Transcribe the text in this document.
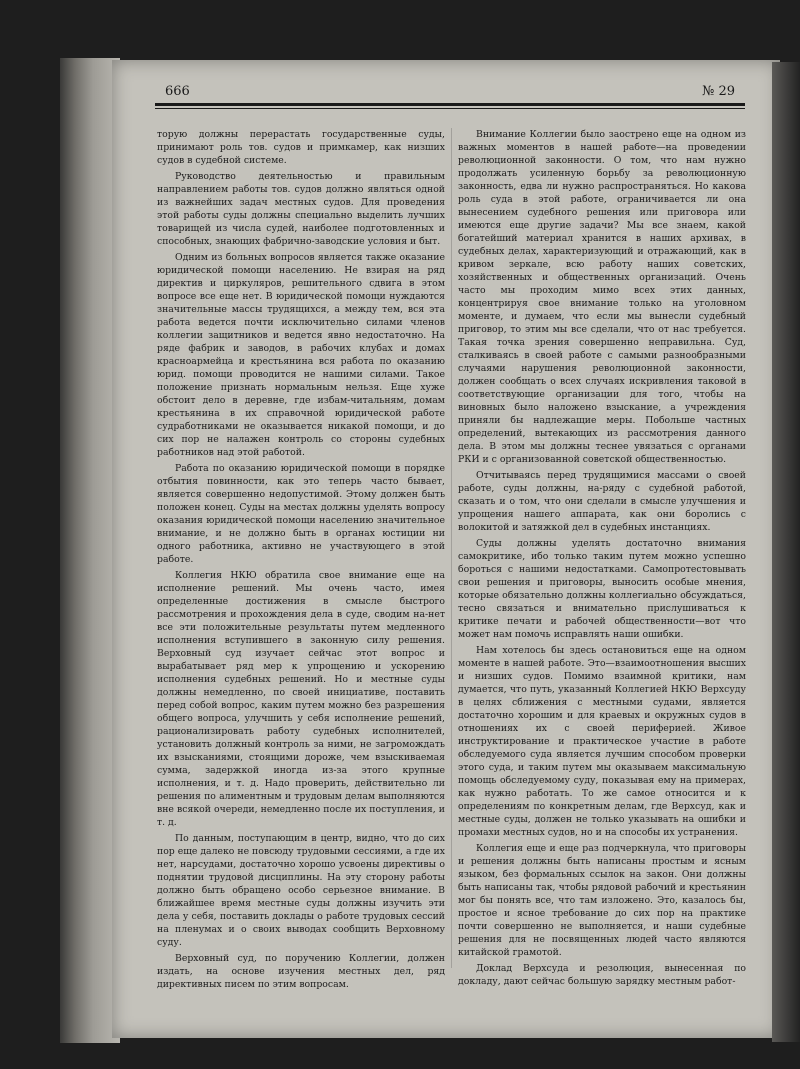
666	№ 29

торую должны перерастать государственные суды, принимают роль тов. судов и примкамер, как низших судов в судебной системе.

Руководство деятельностью и правильным направлением работы тов. судов должно являться одной из важнейших задач местных судов. Для проведения этой работы суды должны специально выделить лучших товарищей из числа судей, наиболее подготовленных и способных, знающих фабрично-заводские условия и быт.

Одним из больных вопросов является также оказание юридической помощи населению. Не взирая на ряд директив и циркуляров, решительного сдвига в этом вопросе все еще нет. В юридической помощи нуждаются значительные массы трудящихся, а между тем, вся эта работа ведется почти исключительно силами членов коллегии защитников и ведется явно недостаточно. На ряде фабрик и заводов, в рабочих клубах и домах красноармейца и крестьянина вся работа по оказанию юрид. помощи проводится не нашими силами. Такое положение признать нормальным нельзя. Еще хуже обстоит дело в деревне, где избам-читальням, домам крестьянина в их справочной юридической работе судработниками не оказывается никакой помощи, и до сих пор не налажен контроль со стороны судебных работников над этой работой.

Работа по оказанию юридической помощи в порядке отбытия повинности, как это теперь часто бывает, является совершенно недопустимой. Этому должен быть положен конец. Суды на местах должны уделять вопросу оказания юридической помощи населению значительное внимание, и не должно быть в органах юстиции ни одного работника, активно не участвующего в этой работе.

Коллегия НКЮ обратила свое внимание еще на исполнение решений. Мы очень часто, имея определенные достижения в смысле быстрого рассмотрения и прохождения дела в суде, сводим на-нет все эти положительные результаты путем медленного исполнения вступившего в законную силу решения. Верховный суд изучает сейчас этот вопрос и вырабатывает ряд мер к упрощению и ускорению исполнения судебных решений. Но и местные суды должны немедленно, по своей инициативе, поставить перед собой вопрос, каким путем можно без разрешения общего вопроса, улучшить у себя исполнение решений, рационализировать работу судебных исполнителей, установить должный контроль за ними, не загромождать их взысканиями, стоящими дороже, чем взыскиваемая сумма, задержкой иногда из-за этого крупные исполнения, и т. д. Надо проверить, действительно ли решения по алиментным и трудовым делам выполняются вне всякой очереди, немедленно после их поступления, и т. д.

По данным, поступающим в центр, видно, что до сих пор еще далеко не повсюду трудовыми сессиями, а где их нет, нарсудами, достаточно хорошо усвоены директивы о поднятии трудовой дисциплины. На эту сторону работы должно быть обращено особо серьезное внимание. В ближайшее время местные суды должны изучить эти дела у себя, поставить доклады о работе трудовых сессий на пленумах и о своих выводах сообщить Верховному суду.

Верховный суд, по поручению Коллегии, должен издать, на основе изучения местных дел, ряд директивных писем по этим вопросам.

Внимание Коллегии было заострено еще на одном из важных моментов в нашей работе—на проведении революционной законности. О том, что нам нужно продолжать усиленную борьбу за революционную законность, едва ли нужно распространяться. Но какова роль суда в этой работе, ограничивается ли она вынесением судебного решения или приговора или имеются еще другие задачи? Мы все знаем, какой богатейший материал хранится в наших архивах, в судебных делах, характеризующий и отражающий, как в кривом зеркале, всю работу наших советских, хозяйственных и общественных организаций. Очень часто мы проходим мимо всех этих данных, концентрируя свое внимание только на уголовном моменте, и думаем, что если мы вынесли судебный приговор, то этим мы все сделали, что от нас требуется. Такая точка зрения совершенно неправильна. Суд, сталкиваясь в своей работе с самыми разнообразными случаями нарушения революционной законности, должен сообщать о всех случаях искривления таковой в соответствующие организации для того, чтобы на виновных было наложено взыскание, а учреждения приняли бы надлежащие меры. Побольше частных определений, вытекающих из рассмотрения данного дела. В этом мы должны теснее увязаться с органами РКИ и с организованной советской общественностью.

Отчитываясь перед трудящимися массами о своей работе, суды должны, на-ряду с судебной работой, сказать и о том, что они сделали в смысле улучшения и упрощения нашего аппарата, как они боролись с волокитой и затяжкой дел в судебных инстанциях.

Суды должны уделять достаточно внимания самокритике, ибо только таким путем можно успешно бороться с нашими недостатками. Самопротестовывать свои решения и приговоры, выносить особые мнения, которые обязательно должны коллегиально обсуждаться, тесно связаться и внимательно прислушиваться к критике печати и рабочей общественности—вот что может нам помочь исправлять наши ошибки.

Нам хотелось бы здесь остановиться еще на одном моменте в нашей работе. Это—взаимоотношения высших и низших судов. Помимо взаимной критики, нам думается, что путь, указанный Коллегией НКЮ Верхсуду в целях сближения с местными судами, является достаточно хорошим и для краевых и окружных судов в отношениях их с своей периферией. Живое инструктирование и практическое участие в работе обследуемого суда является лучшим способом проверки этого суда, и таким путем мы оказываем максимальную помощь обследуемому суду, показывая ему на примерах, как нужно работать. То же самое относится и к определениям по конкретным делам, где Верхсуд, как и местные суды, должен не только указывать на ошибки и промахи местных судов, но и на способы их устранения.

Коллегия еще и еще раз подчеркнула, что приговоры и решения должны быть написаны простым и ясным языком, без формальных ссылок на закон. Они должны быть написаны так, чтобы рядовой рабочий и крестьянин мог бы понять все, что там изложено. Это, казалось бы, простое и ясное требование до сих пор на практике почти совершенно не выполняется, и наши судебные решения для не посвященных людей часто являются китайской грамотой.

Доклад Верхсуда и резолюция, вынесенная по докладу, дают сейчас большую зарядку местным работ-
